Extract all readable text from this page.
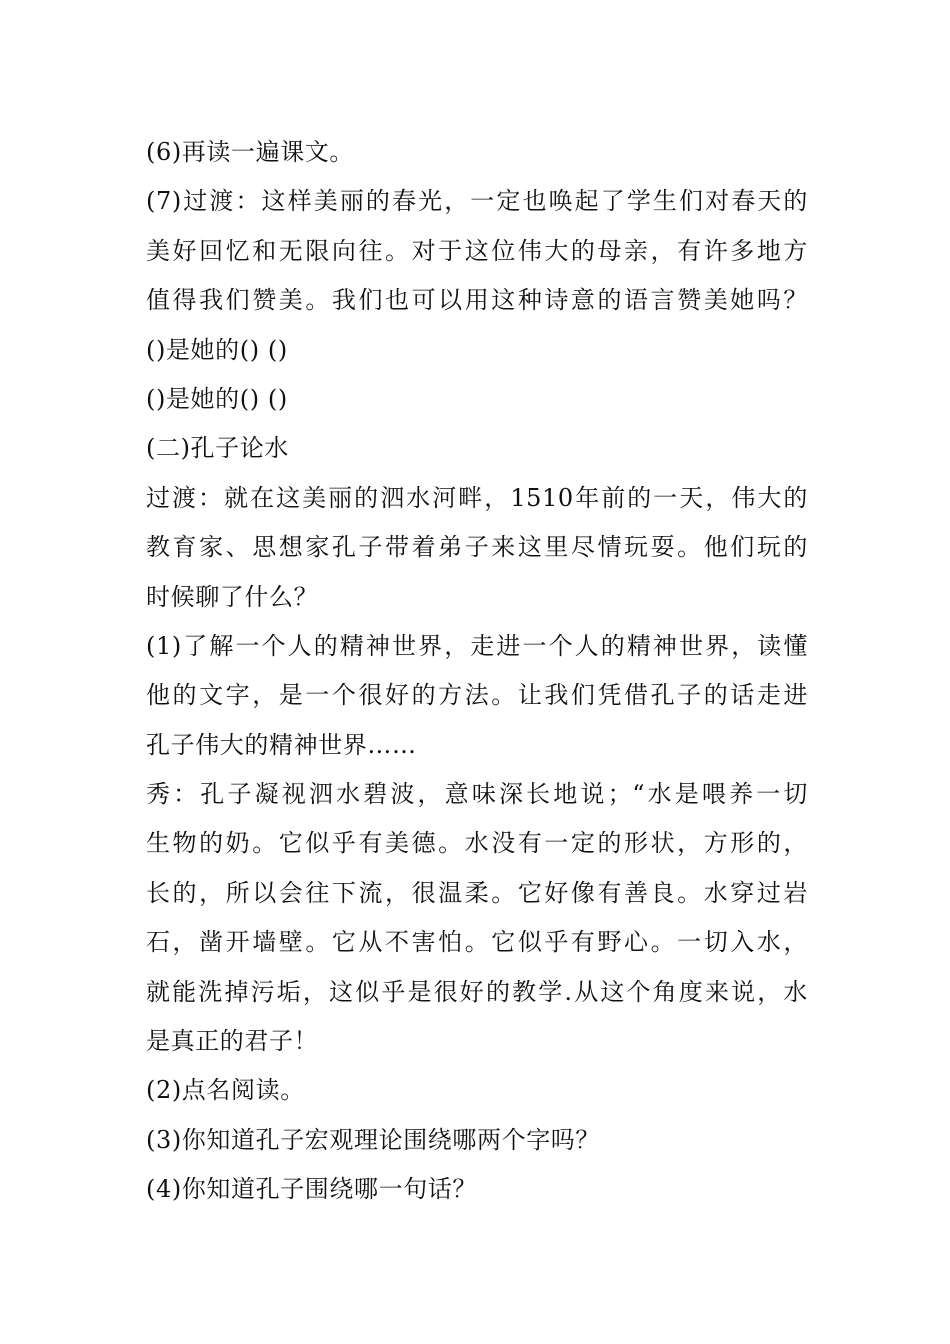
(6)再读一遍课文。

(7)过渡：这样美丽的春光，一定也唤起了学生们对春天的

美好回忆和无限向往。对于这位伟大的母亲，有许多地方

值得我们赞美。我们也可以用这种诗意的语言赞美她吗？

()是她的() ()

()是她的() ()

(二)孔子论水

过渡：就在这美丽的泗水河畔，1510年前的一天，伟大的

教育家、思想家孔子带着弟子来这里尽情玩耍。他们玩的

时候聊了什么？

(1)了解一个人的精神世界，走进一个人的精神世界，读懂

他的文字，是一个很好的方法。让我们凭借孔子的话走进

孔子伟大的精神世界……

秀：孔子凝视泗水碧波，意味深长地说；“水是喂养一切

生物的奶。它似乎有美德。水没有一定的形状，方形的，

长的，所以会往下流，很温柔。它好像有善良。水穿过岩

石，凿开墙壁。它从不害怕。它似乎有野心。一切入水，

就能洗掉污垢，这似乎是很好的教学.从这个角度来说，水

是真正的君子！

(2)点名阅读。

(3)你知道孔子宏观理论围绕哪两个字吗？

(4)你知道孔子围绕哪一句话？
